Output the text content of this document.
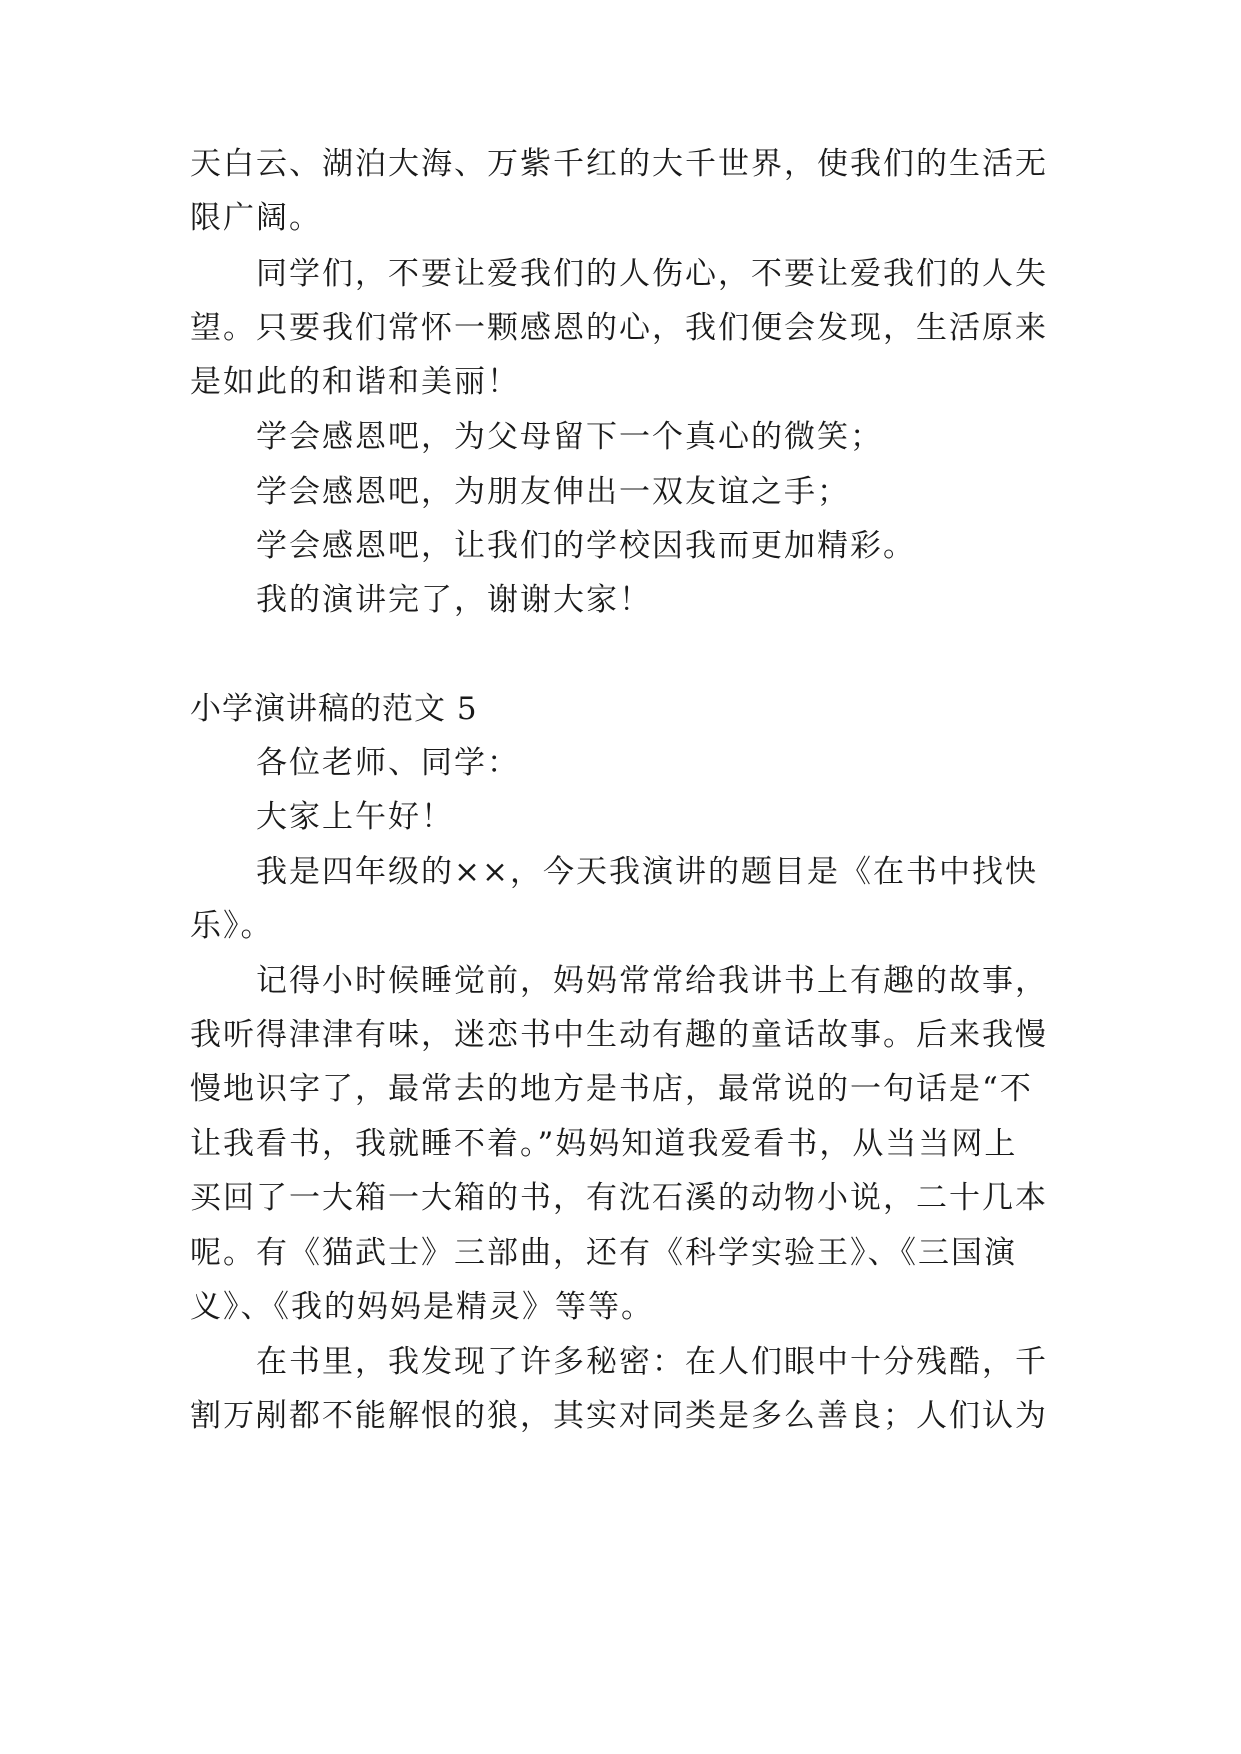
天白云、湖泊大海、万紫千红的大千世界，使我们的生活无
限广阔。
同学们，不要让爱我们的人伤心，不要让爱我们的人失
望。只要我们常怀一颗感恩的心，我们便会发现，生活原来
是如此的和谐和美丽！
学会感恩吧，为父母留下一个真心的微笑；
学会感恩吧，为朋友伸出一双友谊之手；
学会感恩吧，让我们的学校因我而更加精彩。
我的演讲完了，谢谢大家！
小学演讲稿的范文 5
各位老师、同学：
大家上午好！
我是四年级的××，今天我演讲的题目是《在书中找快
乐》。
记得小时候睡觉前，妈妈常常给我讲书上有趣的故事，
我听得津津有味，迷恋书中生动有趣的童话故事。后来我慢
慢地识字了，最常去的地方是书店，最常说的一句话是“不
让我看书，我就睡不着。”妈妈知道我爱看书，从当当网上
买回了一大箱一大箱的书，有沈石溪的动物小说，二十几本
呢。有《猫武士》三部曲，还有《科学实验王》、《三国演
义》、《我的妈妈是精灵》等等。
在书里，我发现了许多秘密：在人们眼中十分残酷，千
割万剐都不能解恨的狼，其实对同类是多么善良；人们认为
